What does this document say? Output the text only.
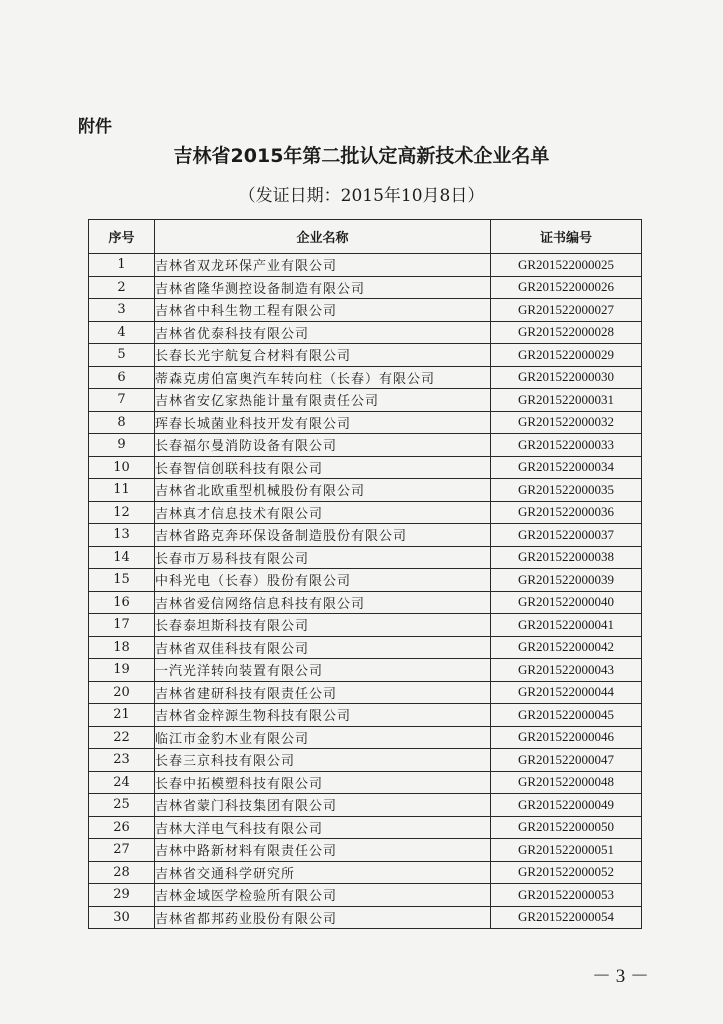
附件
吉林省2015年第二批认定高新技术企业名单
（发证日期：2015年10月8日）
序号	企业名称	证书编号
1	吉林省双龙环保产业有限公司	GR201522000025
2	吉林省隆华测控设备制造有限公司	GR201522000026
3	吉林省中科生物工程有限公司	GR201522000027
4	吉林省优泰科技有限公司	GR201522000028
5	长春长光宇航复合材料有限公司	GR201522000029
6	蒂森克虏伯富奥汽车转向柱（长春）有限公司	GR201522000030
7	吉林省安亿家热能计量有限责任公司	GR201522000031
8	珲春长城菌业科技开发有限公司	GR201522000032
9	长春福尔曼消防设备有限公司	GR201522000033
10	长春智信创联科技有限公司	GR201522000034
11	吉林省北欧重型机械股份有限公司	GR201522000035
12	吉林真才信息技术有限公司	GR201522000036
13	吉林省路克奔环保设备制造股份有限公司	GR201522000037
14	长春市万易科技有限公司	GR201522000038
15	中科光电（长春）股份有限公司	GR201522000039
16	吉林省爱信网络信息科技有限公司	GR201522000040
17	长春泰坦斯科技有限公司	GR201522000041
18	吉林省双佳科技有限公司	GR201522000042
19	一汽光洋转向装置有限公司	GR201522000043
20	吉林省建研科技有限责任公司	GR201522000044
21	吉林省金梓源生物科技有限公司	GR201522000045
22	临江市金豹木业有限公司	GR201522000046
23	长春三京科技有限公司	GR201522000047
24	长春中拓模塑科技有限公司	GR201522000048
25	吉林省蒙门科技集团有限公司	GR201522000049
26	吉林大洋电气科技有限公司	GR201522000050
27	吉林中路新材料有限责任公司	GR201522000051
28	吉林省交通科学研究所	GR201522000052
29	吉林金域医学检验所有限公司	GR201522000053
30	吉林省都邦药业股份有限公司	GR201522000054
－ 3 －
